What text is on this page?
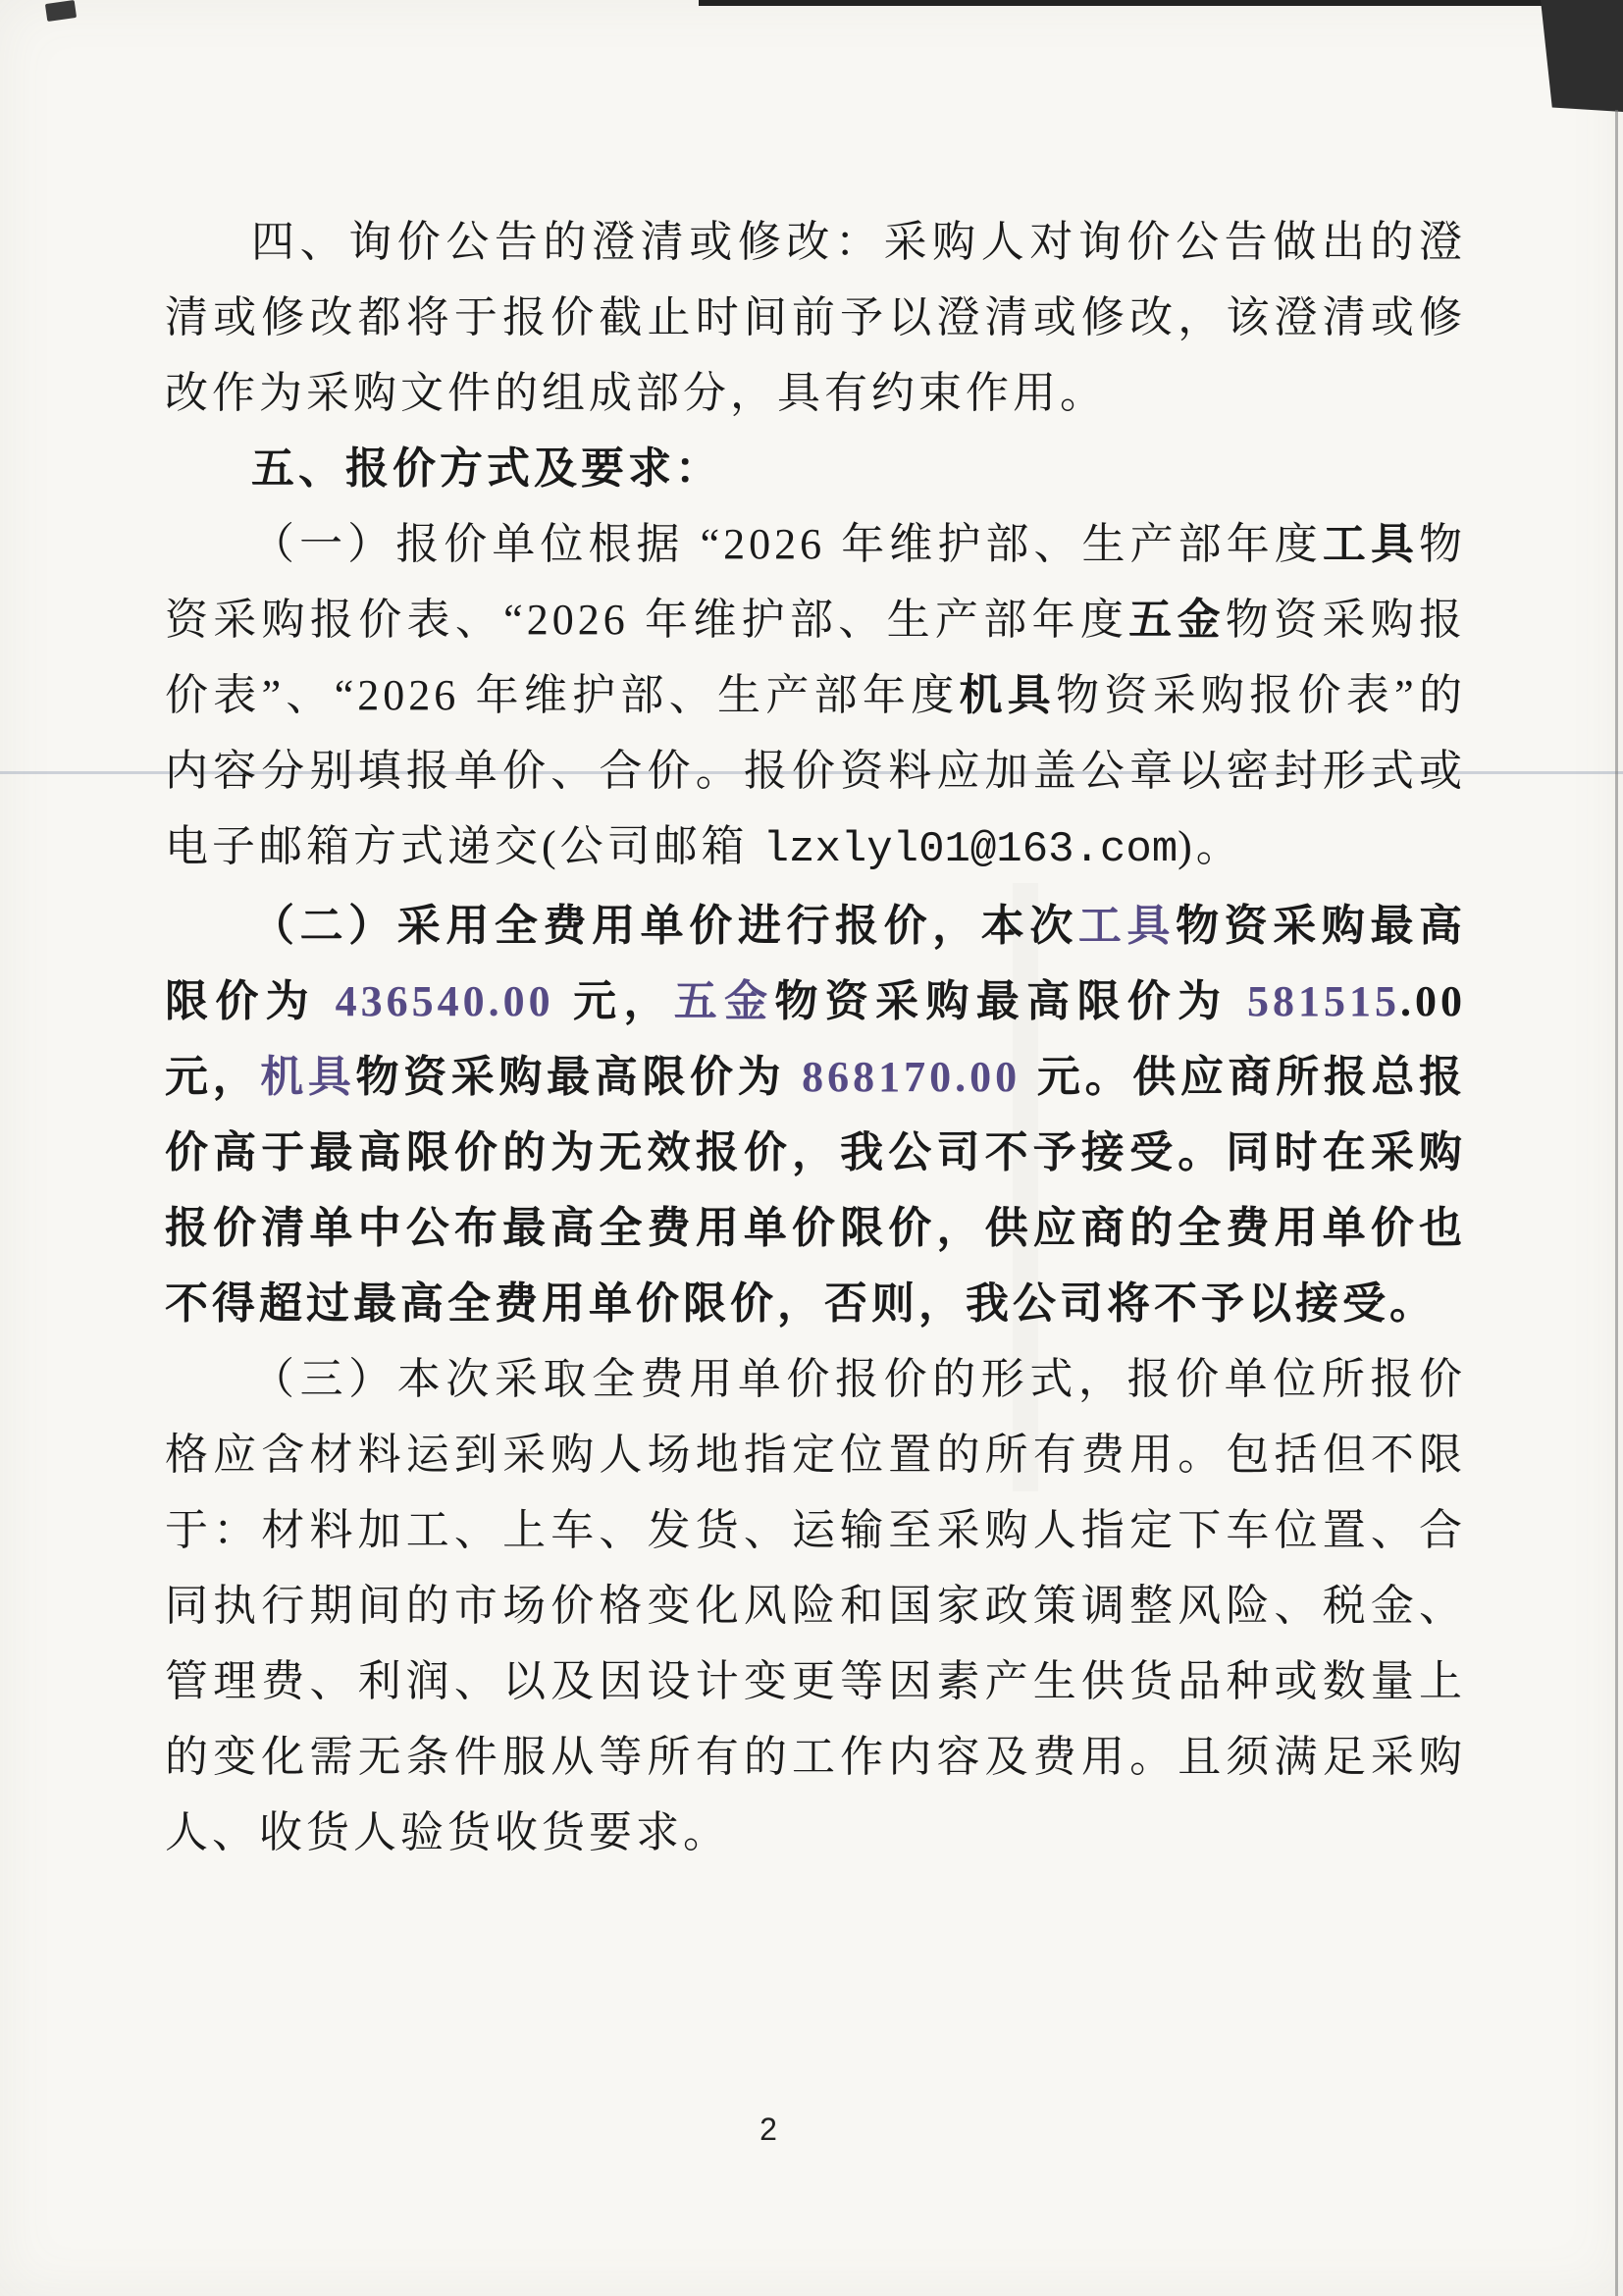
四、询价公告的澄清或修改：采购人对询价公告做出的澄清或修改都将于报价截止时间前予以澄清或修改，该澄清或修改作为采购文件的组成部分，具有约束作用。

五、报价方式及要求：

（一）报价单位根据 “2026 年维护部、生产部年度工具物资采购报价表、“2026 年维护部、生产部年度五金物资采购报价表”、“2026 年维护部、生产部年度机具物资采购报价表”的内容分别填报单价、合价。报价资料应加盖公章以密封形式或电子邮箱方式递交(公司邮箱 lzxlyl01@163.com)。

（二）采用全费用单价进行报价，本次工具物资采购最高限价为 436540.00 元，五金物资采购最高限价为 581515.00 元，机具物资采购最高限价为 868170.00 元。供应商所报总报价高于最高限价的为无效报价，我公司不予接受。同时在采购报价清单中公布最高全费用单价限价，供应商的全费用单价也不得超过最高全费用单价限价，否则，我公司将不予以接受。

（三）本次采取全费用单价报价的形式，报价单位所报价格应含材料运到采购人场地指定位置的所有费用。包括但不限于：材料加工、上车、发货、运输至采购人指定下车位置、合同执行期间的市场价格变化风险和国家政策调整风险、税金、管理费、利润、以及因设计变更等因素产生供货品种或数量上的变化需无条件服从等所有的工作内容及费用。且须满足采购人、收货人验货收货要求。

2
